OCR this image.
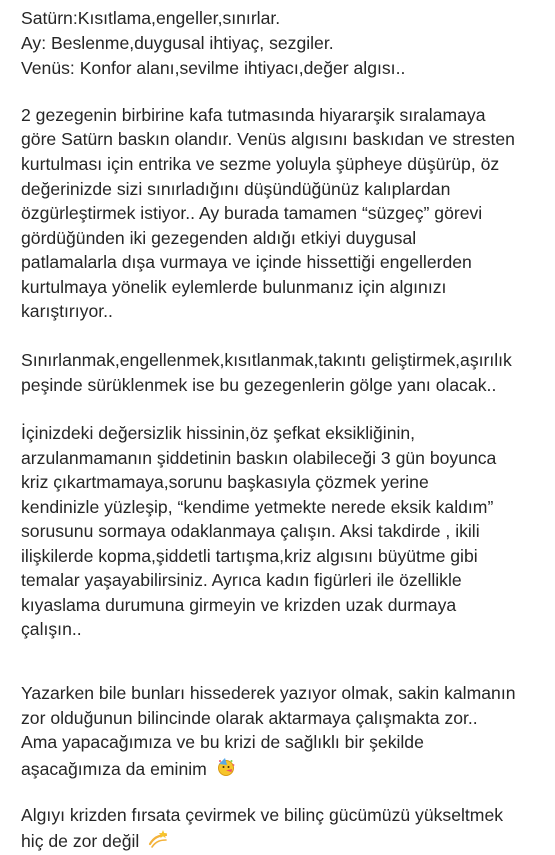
Satürn:Kısıtlama,engeller,sınırlar.
Ay: Beslenme,duygusal ihtiyaç, sezgiler.
Venüs: Konfor alanı,sevilme ihtiyacı,değer algısı..
2 gezegenin birbirine kafa tutmasında hiyararşik sıralamaya
göre Satürn baskın olandır. Venüs algısını baskıdan ve stresten
kurtulması için entrika ve sezme yoluyla şüpheye düşürüp, öz
değerinizde sizi sınırladığını düşündüğünüz kalıplardan
özgürleştirmek istiyor.. Ay burada tamamen “süzgeç” görevi
gördüğünden iki gezegenden aldığı etkiyi duygusal
patlamalarla dışa vurmaya ve içinde hissettiği engellerden
kurtulmaya yönelik eylemlerde bulunmanız için algınızı
karıştırıyor..
Sınırlanmak,engellenmek,kısıtlanmak,takıntı geliştirmek,aşırılık
peşinde sürüklenmek ise bu gezegenlerin gölge yanı olacak..
İçinizdeki değersizlik hissinin,öz şefkat eksikliğinin,
arzulanmamanın şiddetinin baskın olabileceği 3 gün boyunca
kriz çıkartmamaya,sorunu başkasıyla çözmek yerine
kendinizle yüzleşip, “kendime yetmekte nerede eksik kaldım”
sorusunu sormaya odaklanmaya çalışın. Aksi takdirde , ikili
ilişkilerde kopma,şiddetli tartışma,kriz algısını büyütme gibi
temalar yaşayabilirsiniz. Ayrıca kadın figürleri ile özellikle
kıyaslama durumuna girmeyin ve krizden uzak durmaya
çalışın..
Yazarken bile bunları hissederek yazıyor olmak, sakin kalmanın
zor olduğunun bilincinde olarak aktarmaya çalışmakta zor..
Ama yapacağımıza ve bu krizi de sağlıklı bir şekilde
aşacağımıza da eminim
Algıyı krizden fırsata çevirmek ve bilinç gücümüzü yükseltmek
hiç de zor değil
